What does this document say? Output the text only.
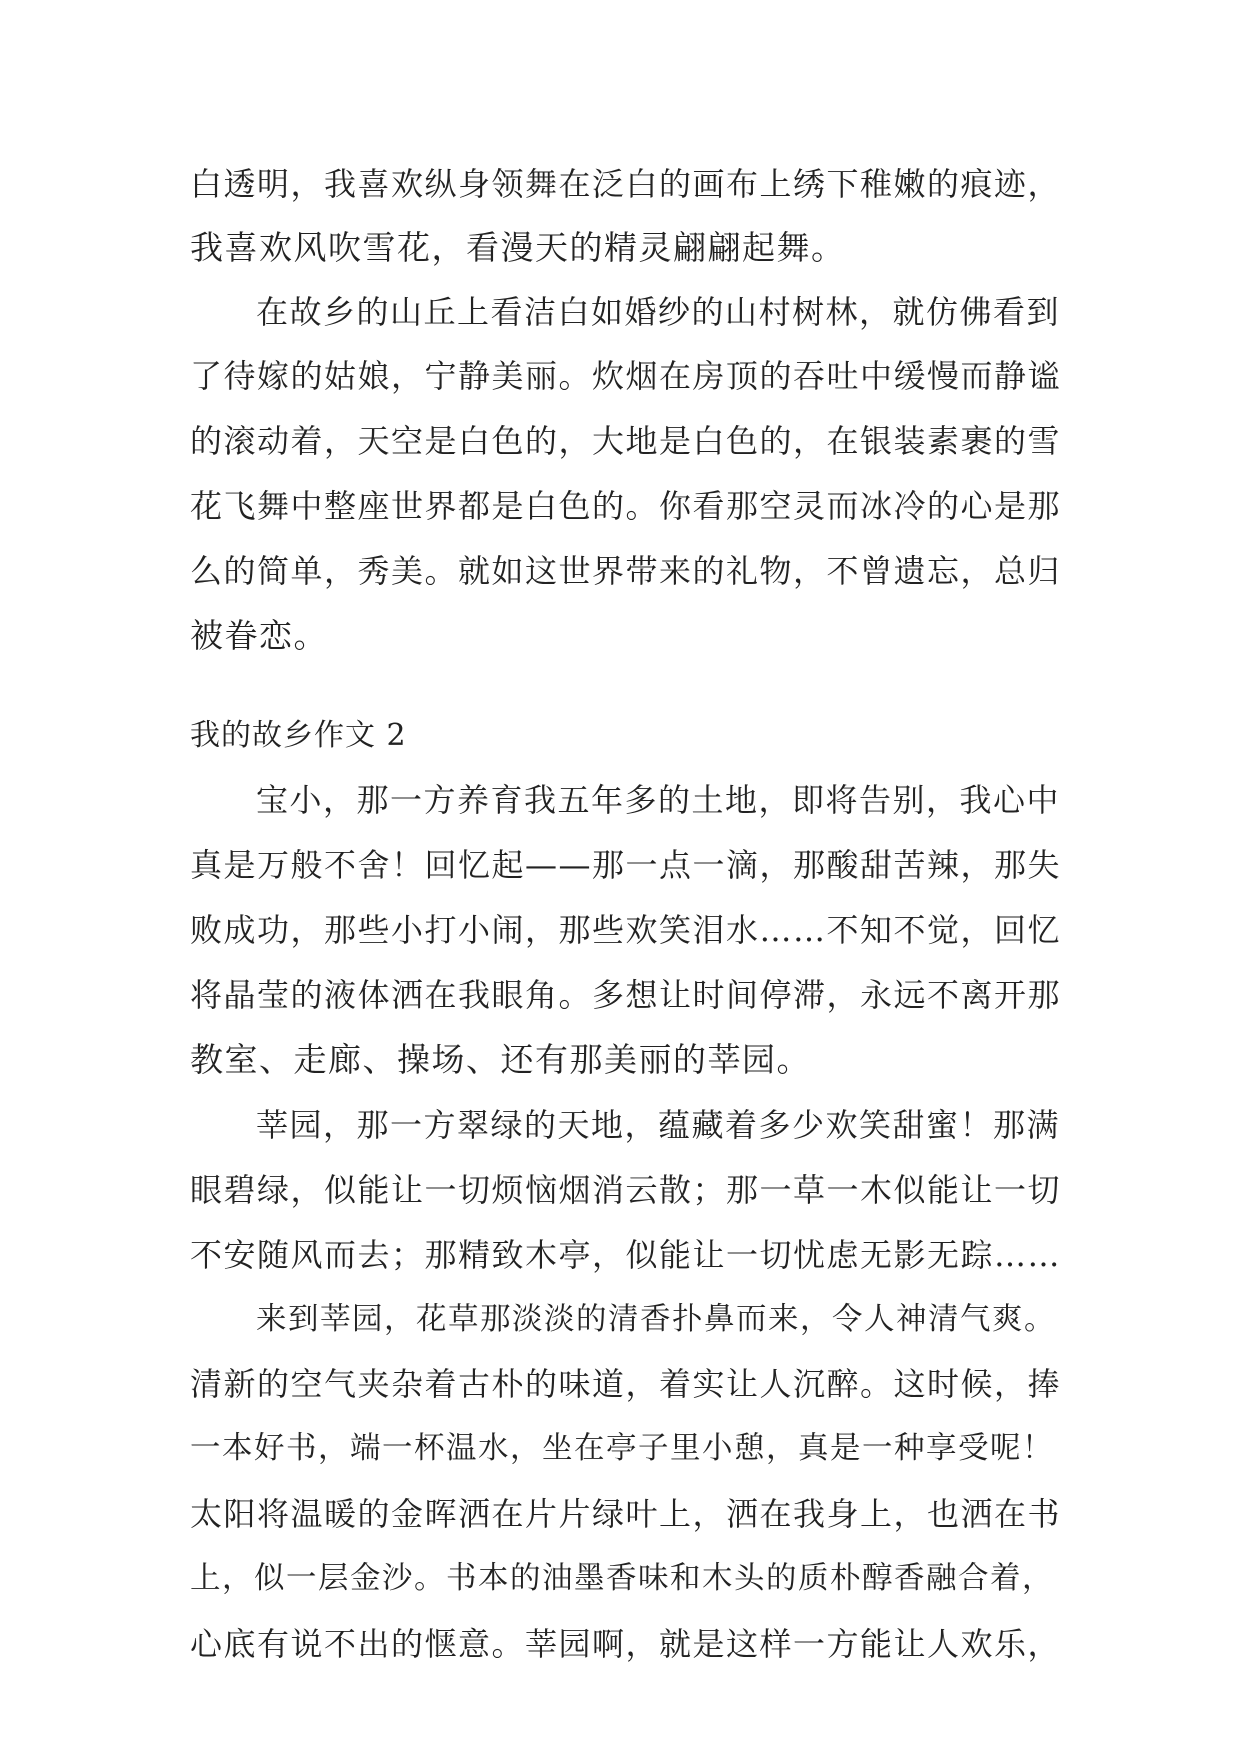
白透明，我喜欢纵身领舞在泛白的画布上绣下稚嫩的痕迹，
我喜欢风吹雪花，看漫天的精灵翩翩起舞。
在故乡的山丘上看洁白如婚纱的山村树林，就仿佛看到
了待嫁的姑娘，宁静美丽。炊烟在房顶的吞吐中缓慢而静谧
的滚动着，天空是白色的，大地是白色的，在银装素裹的雪
花飞舞中整座世界都是白色的。你看那空灵而冰冷的心是那
么的简单，秀美。就如这世界带来的礼物，不曾遗忘，总归
被眷恋。
我的故乡作文 2
宝小，那一方养育我五年多的土地，即将告别，我心中
真是万般不舍！回忆起——那一点一滴，那酸甜苦辣，那失
败成功，那些小打小闹，那些欢笑泪水……不知不觉，回忆
将晶莹的液体洒在我眼角。多想让时间停滞，永远不离开那
教室、走廊、操场、还有那美丽的莘园。
莘园，那一方翠绿的天地，蕴藏着多少欢笑甜蜜！那满
眼碧绿，似能让一切烦恼烟消云散；那一草一木似能让一切
不安随风而去；那精致木亭，似能让一切忧虑无影无踪……
来到莘园，花草那淡淡的清香扑鼻而来，令人神清气爽。
清新的空气夹杂着古朴的味道，着实让人沉醉。这时候，捧
一本好书，端一杯温水，坐在亭子里小憩，真是一种享受呢！
太阳将温暖的金晖洒在片片绿叶上，洒在我身上，也洒在书
上，似一层金沙。书本的油墨香味和木头的质朴醇香融合着，
心底有说不出的惬意。莘园啊，就是这样一方能让人欢乐，
